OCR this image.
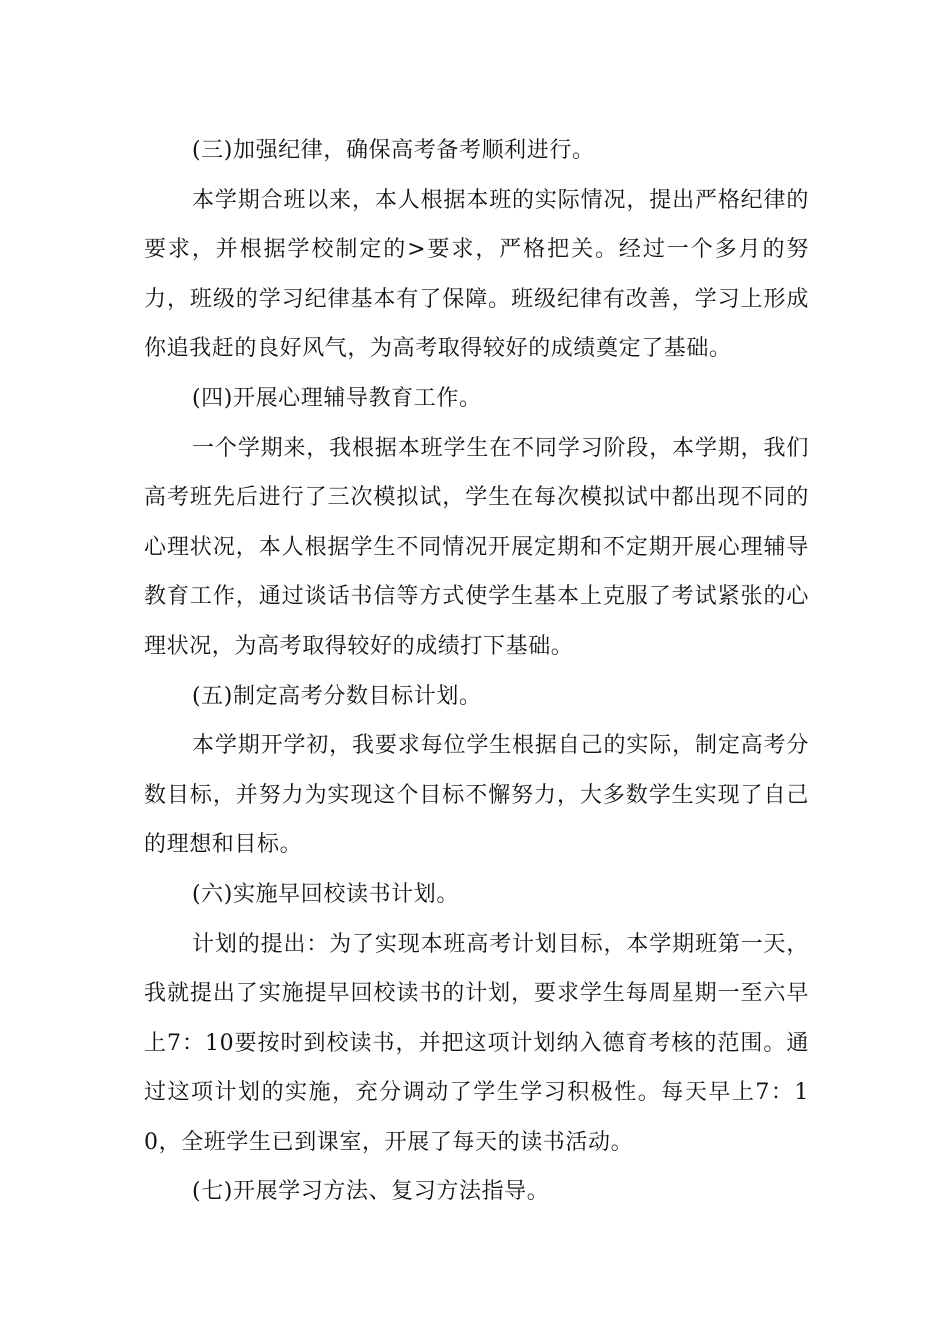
(三)加强纪律，确保高考备考顺利进行。

本学期合班以来，本人根据本班的实际情况，提出严格纪律的要求，并根据学校制定的>要求，严格把关。经过一个多月的努力，班级的学习纪律基本有了保障。班级纪律有改善，学习上形成你追我赶的良好风气，为高考取得较好的成绩奠定了基础。

(四)开展心理辅导教育工作。

一个学期来，我根据本班学生在不同学习阶段，本学期，我们高考班先后进行了三次模拟试，学生在每次模拟试中都出现不同的心理状况，本人根据学生不同情况开展定期和不定期开展心理辅导教育工作，通过谈话书信等方式使学生基本上克服了考试紧张的心理状况，为高考取得较好的成绩打下基础。

(五)制定高考分数目标计划。

本学期开学初，我要求每位学生根据自己的实际，制定高考分数目标，并努力为实现这个目标不懈努力，大多数学生实现了自己的理想和目标。

(六)实施早回校读书计划。

计划的提出：为了实现本班高考计划目标，本学期班第一天，我就提出了实施提早回校读书的计划，要求学生每周星期一至六早上7：10要按时到校读书，并把这项计划纳入德育考核的范围。通过这项计划的实施，充分调动了学生学习积极性。每天早上7：10，全班学生已到课室，开展了每天的读书活动。

(七)开展学习方法、复习方法指导。
